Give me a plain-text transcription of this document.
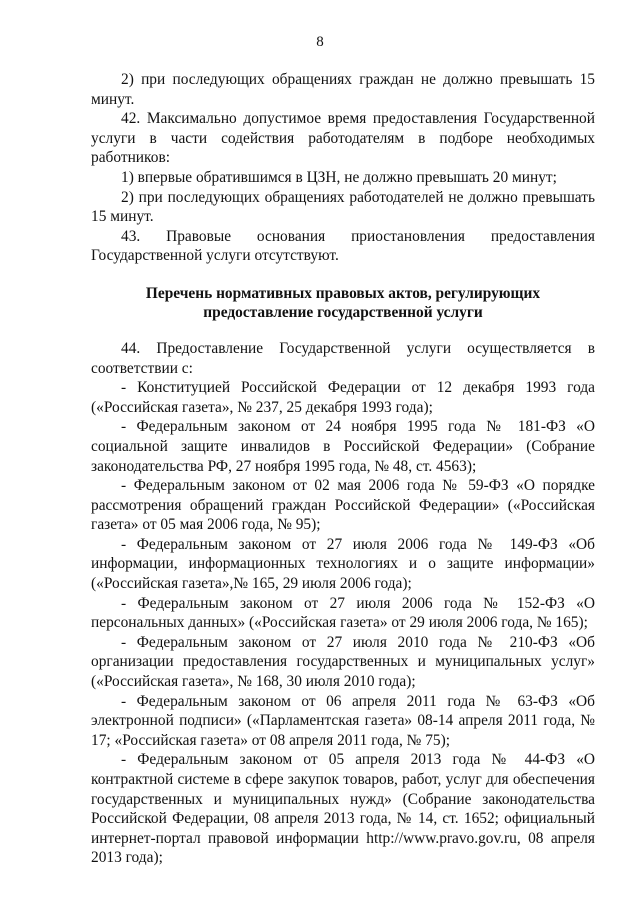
8

2) при последующих обращениях граждан не должно превышать 15 минут.

42. Максимально допустимое время предоставления Государственной услуги в части содействия работодателям в подборе необходимых работников:

1) впервые обратившимся в ЦЗН, не должно превышать 20 минут;

2) при последующих обращениях работодателей не должно превышать 15 минут.

43. Правовые основания приостановления предоставления Государственной услуги отсутствуют.

Перечень нормативных правовых актов, регулирующих предоставление государственной услуги

44. Предоставление Государственной услуги осуществляется в соответствии с:

- Конституцией Российской Федерации от 12 декабря 1993 года («Российская газета», № 237, 25 декабря 1993 года);

- Федеральным законом от 24 ноября 1995 года № 181-ФЗ «О социальной защите инвалидов в Российской Федерации» (Собрание законодательства РФ, 27 ноября 1995 года, № 48, ст. 4563);

- Федеральным законом от 02 мая 2006 года № 59-ФЗ «О порядке рассмотрения обращений граждан Российской Федерации» («Российская газета» от 05 мая 2006 года, № 95);

- Федеральным законом от 27 июля 2006 года № 149-ФЗ «Об информации, информационных технологиях и о защите информации» («Российская газета»,№ 165, 29 июля 2006 года);

- Федеральным законом от 27 июля 2006 года № 152-ФЗ «О персональных данных» («Российская газета» от 29 июля 2006 года, № 165);

- Федеральным законом от 27 июля 2010 года № 210-ФЗ «Об организации предоставления государственных и муниципальных услуг» («Российская газета», № 168, 30 июля 2010 года);

- Федеральным законом от 06 апреля 2011 года № 63-ФЗ «Об электронной подписи» («Парламентская газета» 08-14 апреля 2011 года, № 17; «Российская газета» от 08 апреля 2011 года, № 75);

- Федеральным законом от 05 апреля 2013 года № 44-ФЗ «О контрактной системе в сфере закупок товаров, работ, услуг для обеспечения государственных и муниципальных нужд» (Собрание законодательства Российской Федерации, 08 апреля 2013 года, № 14, ст. 1652; официальный интернет-портал правовой информации http://www.pravo.gov.ru, 08 апреля 2013 года);
